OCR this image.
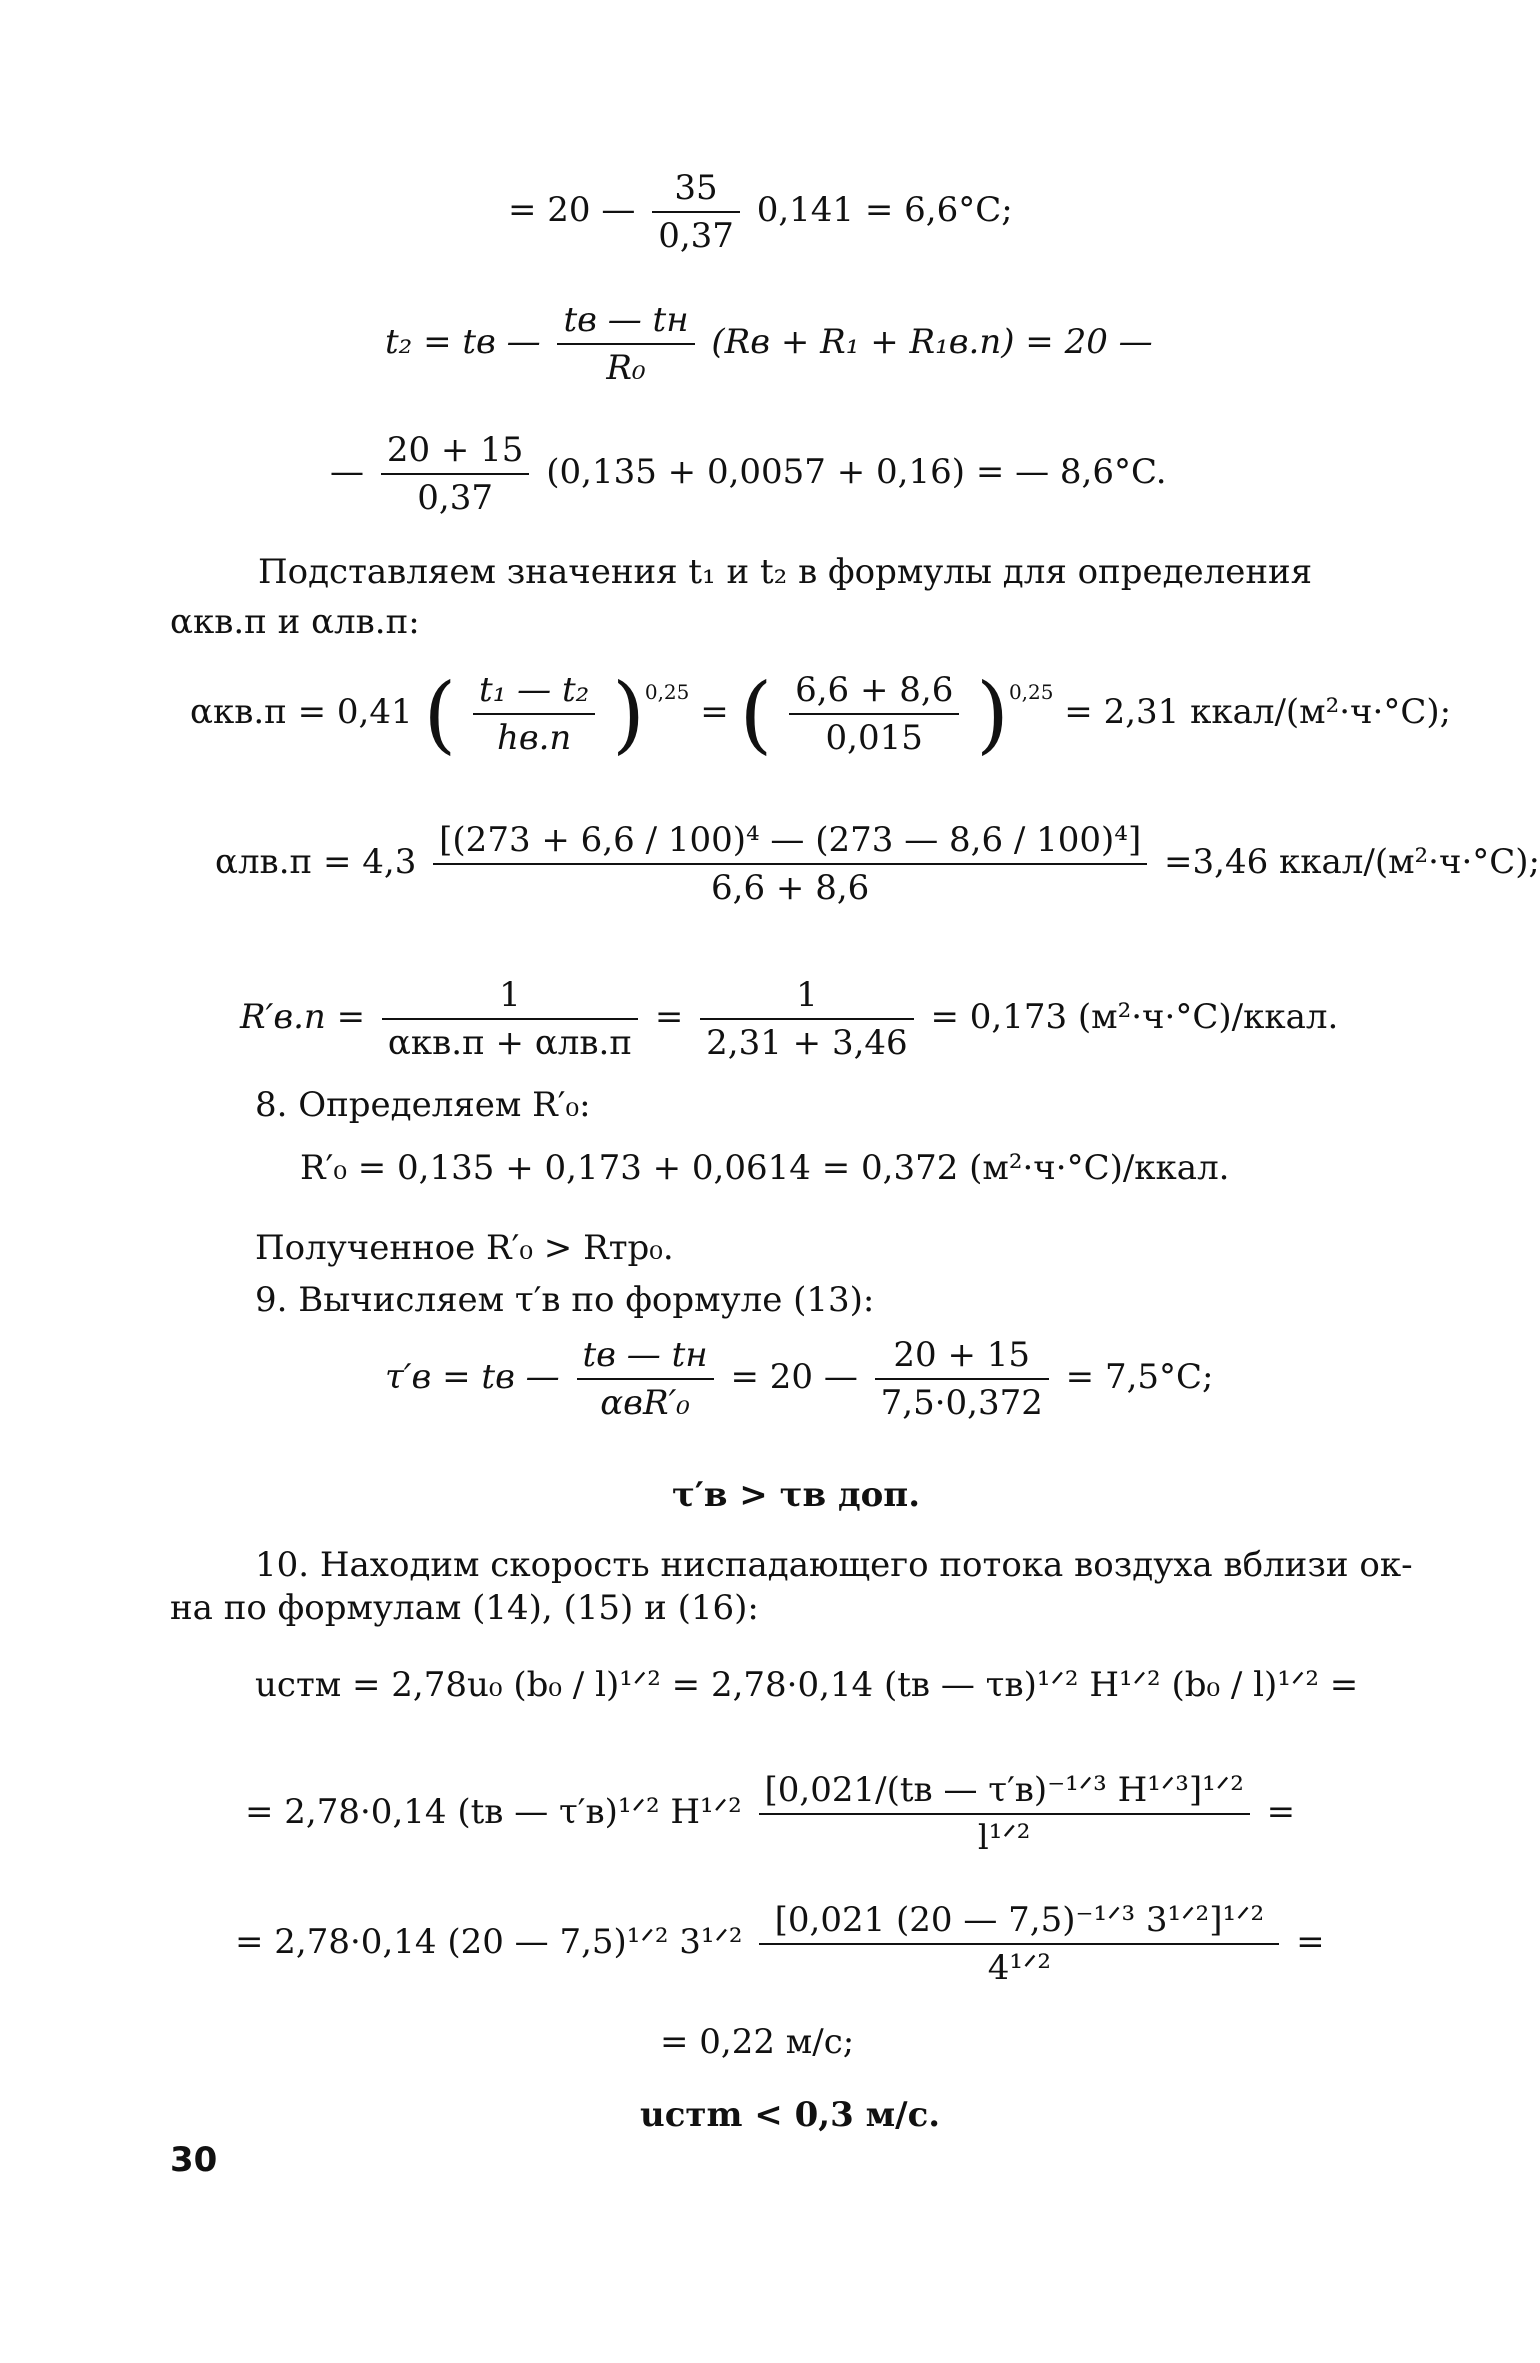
= 20 — $\frac{35}{0,37} 0,141 = 6,6^\circ C$;
t₂ = tв — $\frac{tв — tн}{\text{R₀}} (Rв + R_1 + R_1в.п) = 20$ —
— $\frac{20 + 15}{0,37} (0,135 + 0,0057 + 0,16)$ = — 8,6°C.
Подставляем значения t₁ и t₂ в формулы для определения
αкв.п и αлв.п:
αкв.п = 0,41 ( $\frac{\text{t₁ — t₂}}{hв.п} )^{0,25}$ = ( $\frac{6,6 + 8,6}{0,015} )^{0,25} = 2,31$ ккал/(м²·ч·°C);
$\alpha лв.п = 4,3 \frac{\text{[(273 + 6,6 / 100)⁴ — (273 — 8,6 / 100)⁴]}}{6,6 + 8,6} =3,46$ ккал/(м²·ч·°C);
$R'в.п = \frac{1}{\text{αкв.п + αлв.п}} = \frac{1}{2,31 + 3,46} = 0,173$ (м²·ч·°C)/ккал.
8. Определяем R′₀:
R′₀ = 0,135 + 0,173 + 0,0614 = 0,372 (м²·ч·°C)/ккал.
Полученное R′₀ > Rтр₀.
9. Вычисляем τ′в по формуле (13):
τ′в = tв — $\frac{tв — tн}{\text{αвR′₀}} = 20$ — $\frac{20 + 15}{7,5\cdot 0,372} = 7,5^\circ C$;
τ′в > τв доп.
10. Находим скорость ниспадающего потока воздуха вблизи ок-
на по формулам (14), (15) и (16):
uстм = 2,78u₀ (b₀ / l)¹ᐟ² = 2,78·0,14 (tв — τв)¹ᐟ² H¹ᐟ² (b₀ / l)¹ᐟ² =
= 2,78·0,14 (tв — τ′в)¹ᐟ² H¹ᐟ² $\frac{\text{[0,021/(tв — τ′в)⁻¹ᐟ³ H¹ᐟ³]¹ᐟ²}}{\text{l¹ᐟ²}}$ =
= 2,78·0,14 (20 — 7,5)¹ᐟ² 3¹ᐟ² $\frac{\text{[0,021 (20 — 7,5)⁻¹ᐟ³ 3¹ᐟ²]¹ᐟ²}}{\text{4¹ᐟ²}}$ =
= 0,22 м/с;
uстm < 0,3 м/с.
30
